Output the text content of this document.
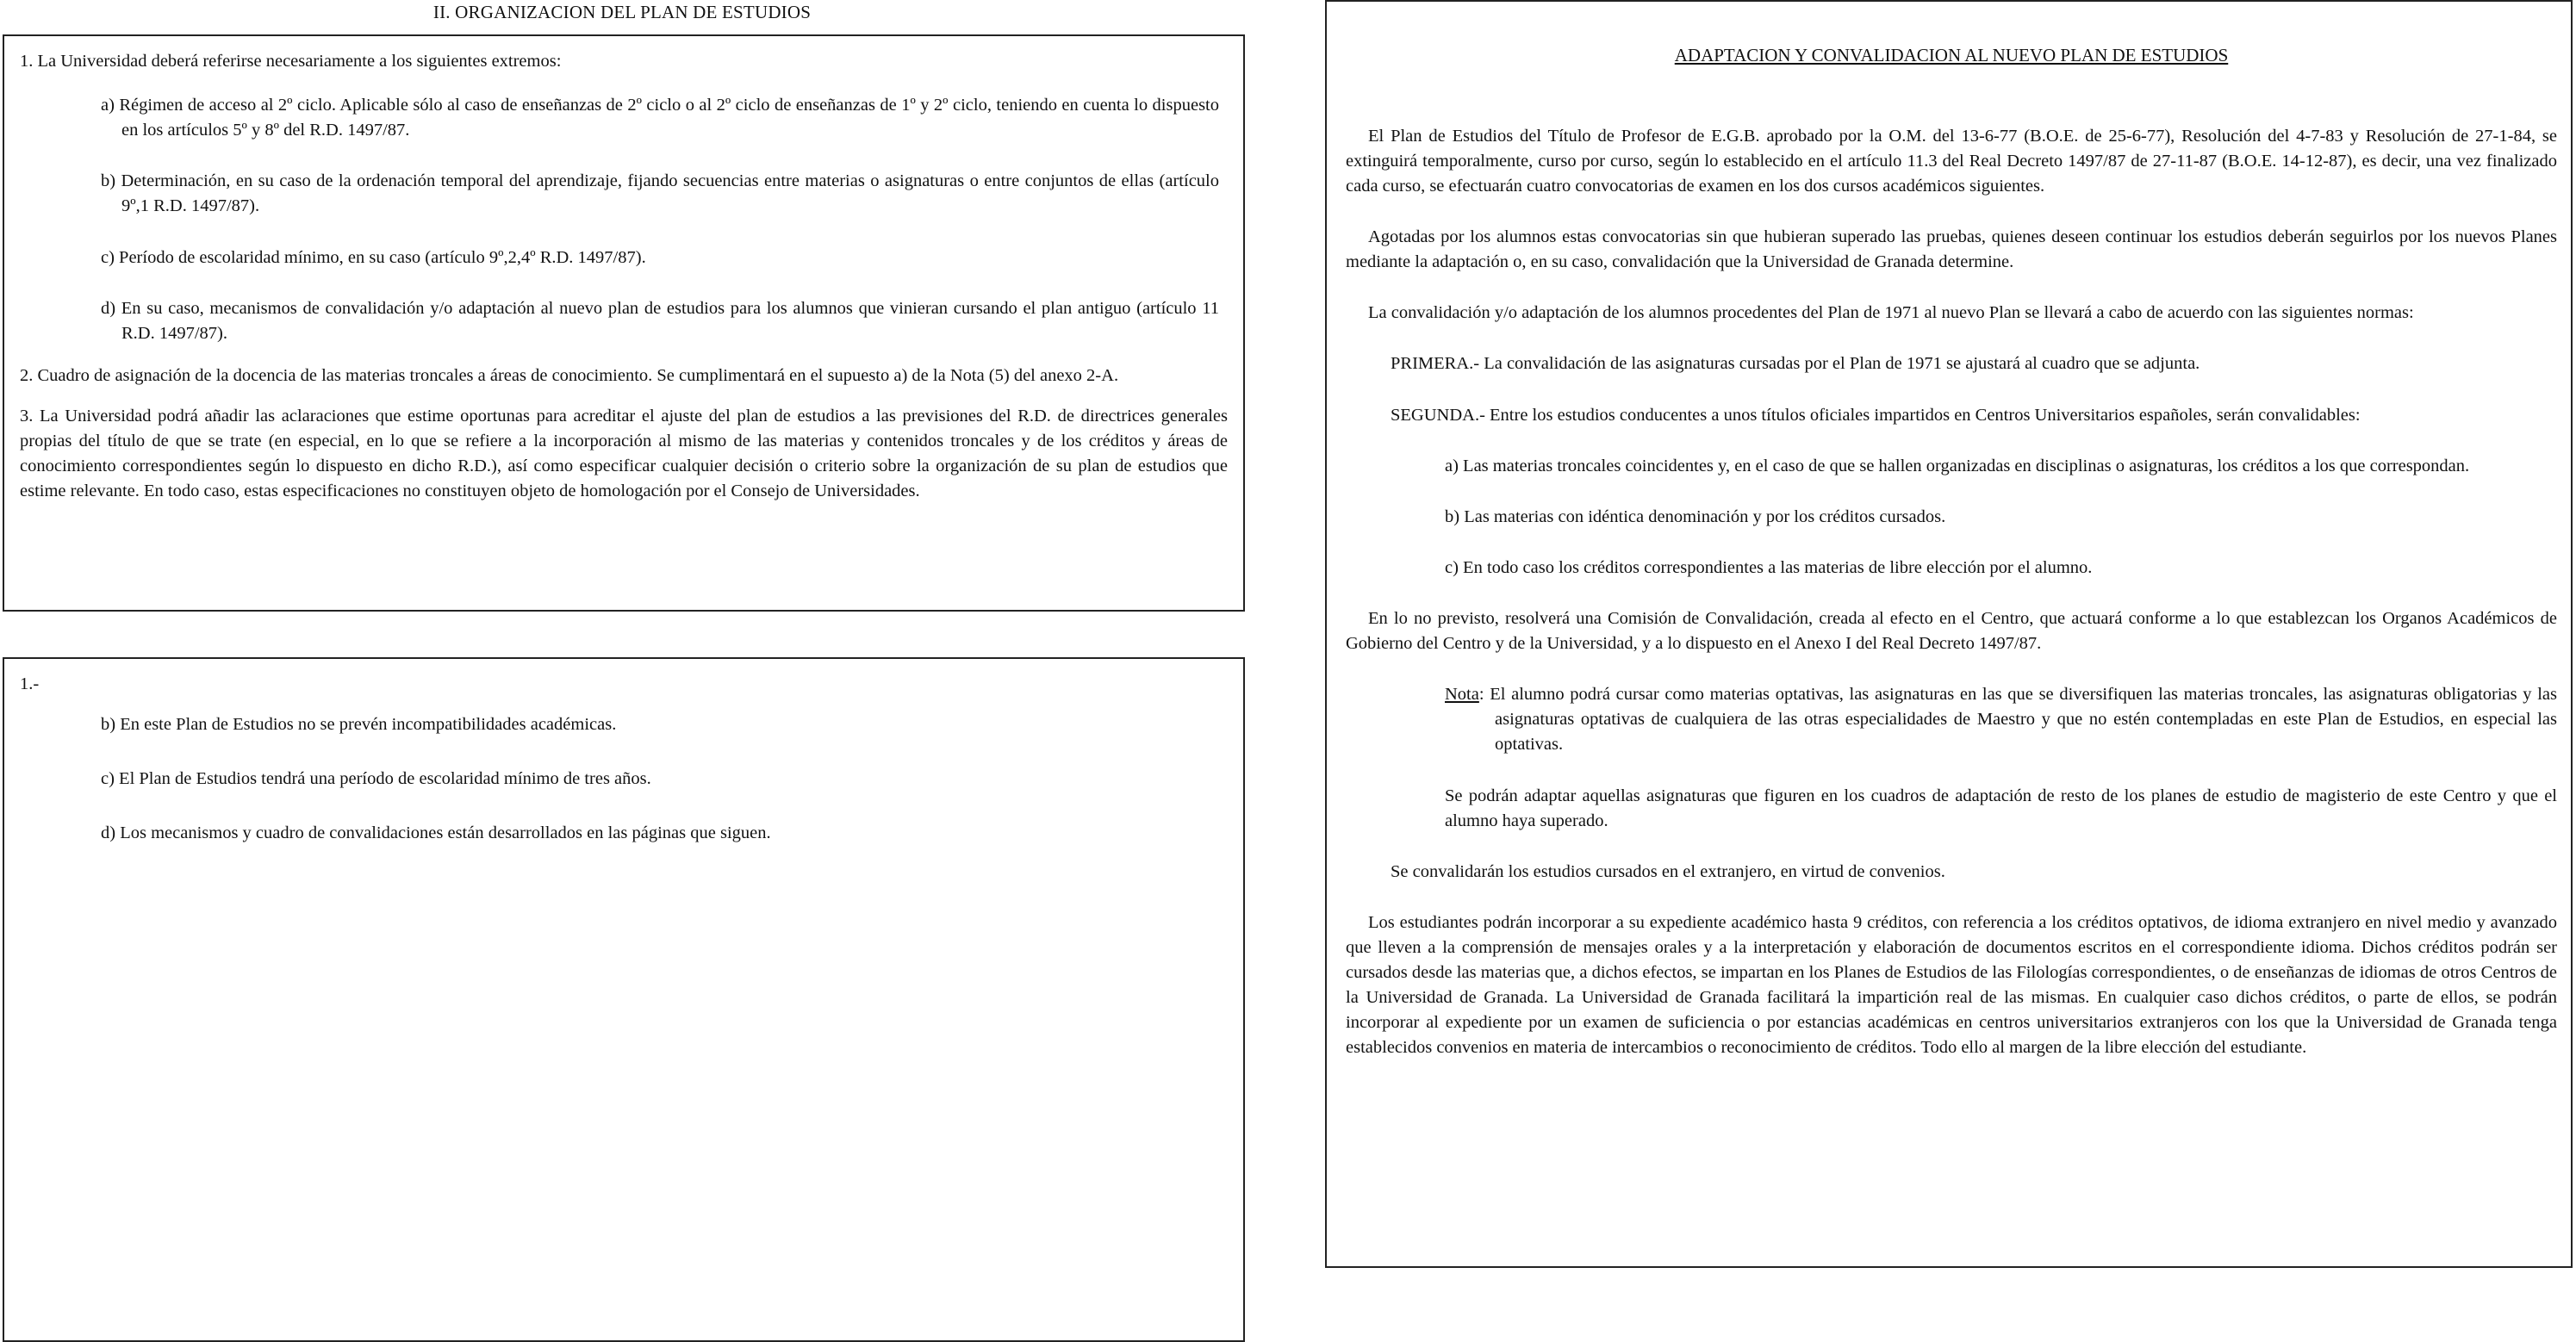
II. ORGANIZACION DEL PLAN DE ESTUDIOS

1. La Universidad deberá referirse necesariamente a los siguientes extremos:

a) Régimen de acceso al 2º ciclo. Aplicable sólo al caso de enseñanzas de 2º ciclo o al 2º ciclo de enseñanzas de 1º y 2º ciclo, teniendo en cuenta lo dispuesto en los artículos 5º y 8º del R.D. 1497/87.

b) Determinación, en su caso de la ordenación temporal del aprendizaje, fijando secuencias entre materias o asignaturas o entre conjuntos de ellas (artículo 9º,1 R.D. 1497/87).

c) Período de escolaridad mínimo, en su caso (artículo 9º,2,4º R.D. 1497/87).

d) En su caso, mecanismos de convalidación y/o adaptación al nuevo plan de estudios para los alumnos que vinieran cursando el plan antiguo (artículo 11 R.D. 1497/87).

2. Cuadro de asignación de la docencia de las materias troncales a áreas de conocimiento. Se cumplimentará en el supuesto a) de la Nota (5) del anexo 2-A.

3. La Universidad podrá añadir las aclaraciones que estime oportunas para acreditar el ajuste del plan de estudios a las previsiones del R.D. de directrices generales propias del título de que se trate (en especial, en lo que se refiere a la incorporación al mismo de las materias y contenidos troncales y de los créditos y áreas de conocimiento correspondientes según lo dispuesto en dicho R.D.), así como especificar cualquier decisión o criterio sobre la organización de su plan de estudios que estime relevante. En todo caso, estas especificaciones no constituyen objeto de homologación por el Consejo de Universidades.

1.-

b) En este Plan de Estudios no se prevén incompatibilidades académicas.

c) El Plan de Estudios tendrá una período de escolaridad mínimo de tres años.

d) Los mecanismos y cuadro de convalidaciones están desarrollados en las páginas que siguen.

ADAPTACION Y CONVALIDACION AL NUEVO PLAN DE ESTUDIOS

El Plan de Estudios del Título de Profesor de E.G.B. aprobado por la O.M. del 13-6-77 (B.O.E. de 25-6-77), Resolución del 4-7-83 y Resolución de 27-1-84, se extinguirá temporalmente, curso por curso, según lo establecido en el artículo 11.3 del Real Decreto 1497/87 de 27-11-87 (B.O.E. 14-12-87), es decir, una vez finalizado cada curso, se efectuarán cuatro convocatorias de examen en los dos cursos académicos siguientes.

Agotadas por los alumnos estas convocatorias sin que hubieran superado las pruebas, quienes deseen continuar los estudios deberán seguirlos por los nuevos Planes mediante la adaptación o, en su caso, convalidación que la Universidad de Granada determine.

La convalidación y/o adaptación de los alumnos procedentes del Plan de 1971 al nuevo Plan se llevará a cabo de acuerdo con las siguientes normas:

PRIMERA.- La convalidación de las asignaturas cursadas por el Plan de 1971 se ajustará al cuadro que se adjunta.

SEGUNDA.- Entre los estudios conducentes a unos títulos oficiales impartidos en Centros Universitarios españoles, serán convalidables:

a) Las materias troncales coincidentes y, en el caso de que se hallen organizadas en disciplinas o asignaturas, los créditos a los que correspondan.

b) Las materias con idéntica denominación y por los créditos cursados.

c) En todo caso los créditos correspondientes a las materias de libre elección por el alumno.

En lo no previsto, resolverá una Comisión de Convalidación, creada al efecto en el Centro, que actuará conforme a lo que establezcan los Organos Académicos de Gobierno del Centro y de la Universidad, y a lo dispuesto en el Anexo I del Real Decreto 1497/87.

Nota: El alumno podrá cursar como materias optativas, las asignaturas en las que se diversifiquen las materias troncales, las asignaturas obligatorias y las asignaturas optativas de cualquiera de las otras especialidades de Maestro y que no estén contempladas en este Plan de Estudios, en especial las optativas.

Se podrán adaptar aquellas asignaturas que figuren en los cuadros de adaptación de resto de los planes de estudio de magisterio de este Centro y que el alumno haya superado.

Se convalidarán los estudios cursados en el extranjero, en virtud de convenios.

Los estudiantes podrán incorporar a su expediente académico hasta 9 créditos, con referencia a los créditos optativos, de idioma extranjero en nivel medio y avanzado que lleven a la comprensión de mensajes orales y a la interpretación y elaboración de documentos escritos en el correspondiente idioma. Dichos créditos podrán ser cursados desde las materias que, a dichos efectos, se impartan en los Planes de Estudios de las Filologías correspondientes, o de enseñanzas de idiomas de otros Centros de la Universidad de Granada. La Universidad de Granada facilitará la impartición real de las mismas. En cualquier caso dichos créditos, o parte de ellos, se podrán incorporar al expediente por un examen de suficiencia o por estancias académicas en centros universitarios extranjeros con los que la Universidad de Granada tenga establecidos convenios en materia de intercambios o reconocimiento de créditos. Todo ello al margen de la libre elección del estudiante.
